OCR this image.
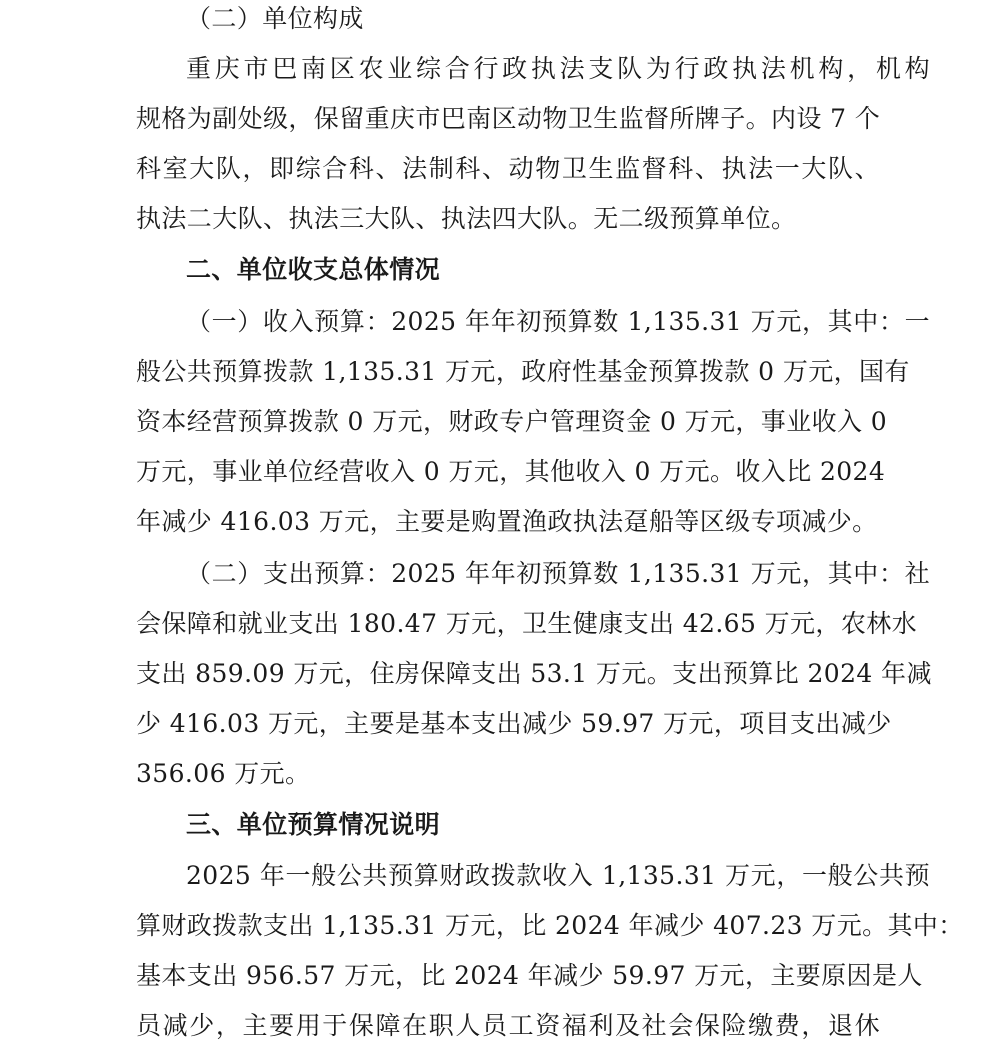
（二）单位构成
重庆市巴南区农业综合行政执法支队为行政执法机构，机构
规格为副处级，保留重庆市巴南区动物卫生监督所牌子。内设 7 个
科室大队，即综合科、法制科、动物卫生监督科、执法一大队、
执法二大队、执法三大队、执法四大队。无二级预算单位。
二、单位收支总体情况
（一）收入预算：2025 年年初预算数 1,135.31 万元，其中：一
般公共预算拨款 1,135.31 万元，政府性基金预算拨款 0 万元，国有
资本经营预算拨款 0 万元，财政专户管理资金 0 万元，事业收入 0
万元，事业单位经营收入 0 万元，其他收入 0 万元。收入比 2024
年减少 416.03 万元，主要是购置渔政执法趸船等区级专项减少。
（二）支出预算：2025 年年初预算数 1,135.31 万元，其中：社
会保障和就业支出 180.47 万元，卫生健康支出 42.65 万元，农林水
支出 859.09 万元，住房保障支出 53.1 万元。支出预算比 2024 年减
少 416.03 万元，主要是基本支出减少 59.97 万元，项目支出减少
356.06 万元。
三、单位预算情况说明
2025 年一般公共预算财政拨款收入 1,135.31 万元，一般公共预
算财政拨款支出 1,135.31 万元，比 2024 年减少 407.23 万元。其中：
基本支出 956.57 万元，比 2024 年减少 59.97 万元，主要原因是人
员减少，主要用于保障在职人员工资福利及社会保险缴费，退休
